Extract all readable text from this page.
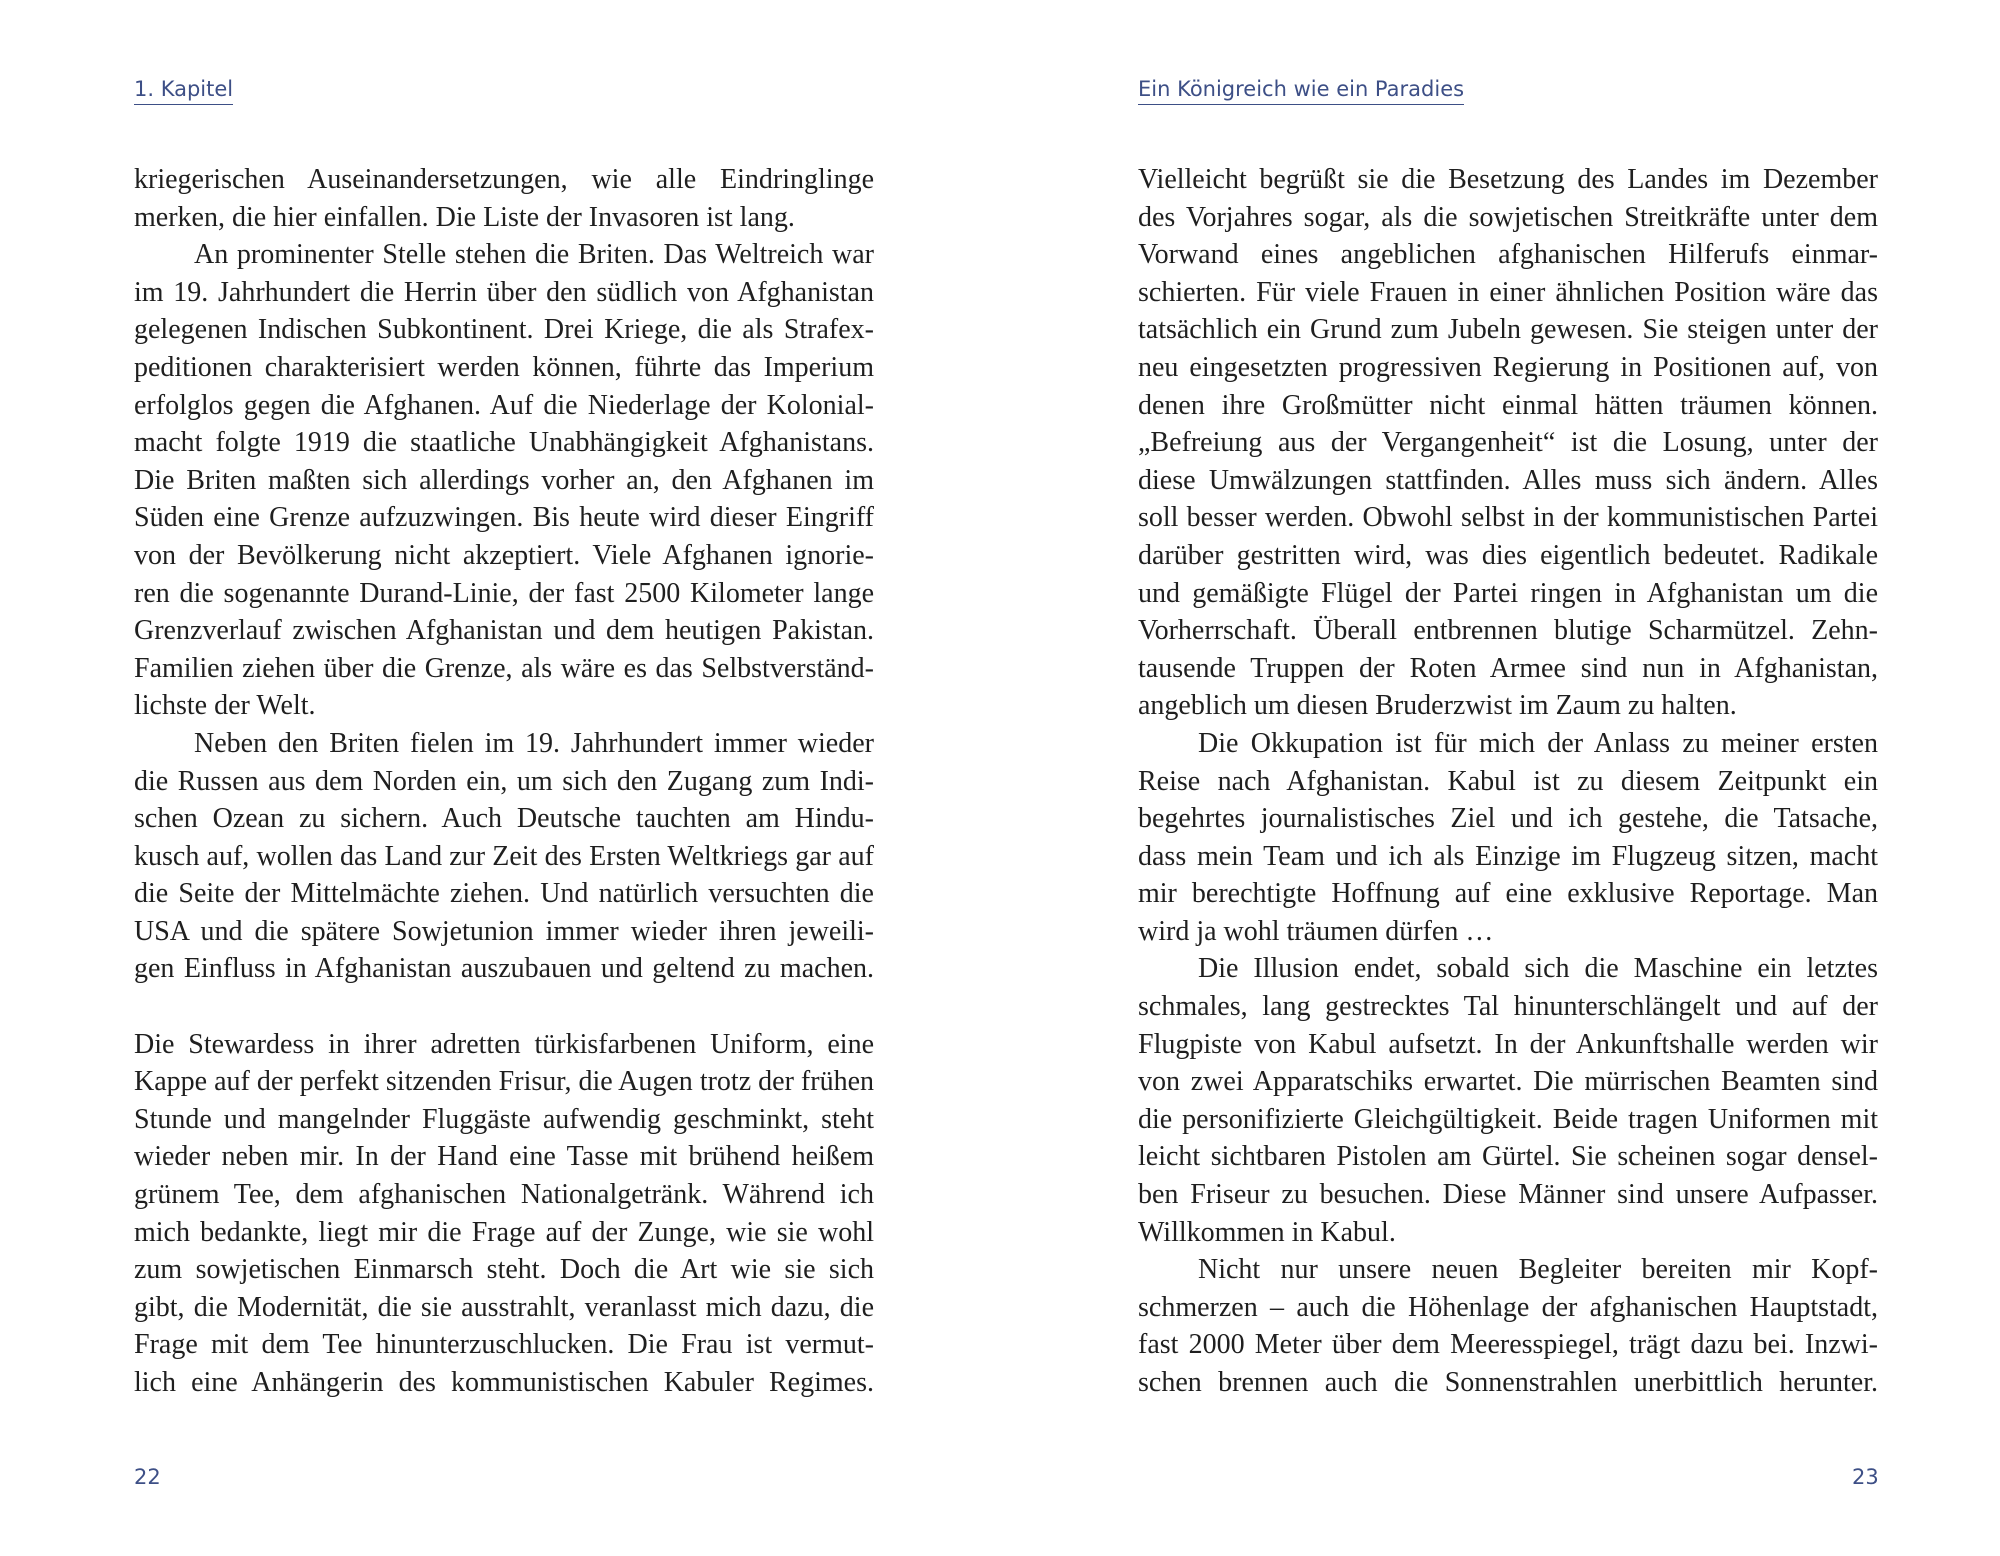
1. Kapitel
kriegerischen Auseinandersetzungen, wie alle Eindringlinge
merken, die hier einfallen. Die Liste der Invasoren ist lang.
An prominenter Stelle stehen die Briten. Das Weltreich war
im 19. Jahrhundert die Herrin über den südlich von Afghanistan
gelegenen Indischen Subkontinent. Drei Kriege, die als Strafex-
peditionen charakterisiert werden können, führte das Imperium
erfolglos gegen die Afghanen. Auf die Niederlage der Kolonial-
macht folgte 1919 die staatliche Unabhängigkeit Afghanistans.
Die Briten maßten sich allerdings vorher an, den Afghanen im
Süden eine Grenze aufzuzwingen. Bis heute wird dieser Eingriff
von der Bevölkerung nicht akzeptiert. Viele Afghanen ignorie-
ren die sogenannte Durand-Linie, der fast 2500 Kilometer lange
Grenzverlauf zwischen Afghanistan und dem heutigen Pakistan.
Familien ziehen über die Grenze, als wäre es das Selbstverständ-
lichste der Welt.
Neben den Briten fielen im 19. Jahrhundert immer wieder
die Russen aus dem Norden ein, um sich den Zugang zum Indi-
schen Ozean zu sichern. Auch Deutsche tauchten am Hindu-
kusch auf, wollen das Land zur Zeit des Ersten Weltkriegs gar auf
die Seite der Mittelmächte ziehen. Und natürlich versuchten die
USA und die spätere Sowjetunion immer wieder ihren jeweili-
gen Einfluss in Afghanistan auszubauen und geltend zu machen.
Die Stewardess in ihrer adretten türkisfarbenen Uniform, eine
Kappe auf der perfekt sitzenden Frisur, die Augen trotz der frühen
Stunde und mangelnder Fluggäste aufwendig geschminkt, steht
wieder neben mir. In der Hand eine Tasse mit brühend heißem
grünem Tee, dem afghanischen Nationalgetränk. Während ich
mich bedankte, liegt mir die Frage auf der Zunge, wie sie wohl
zum sowjetischen Einmarsch steht. Doch die Art wie sie sich
gibt, die Modernität, die sie ausstrahlt, veranlasst mich dazu, die
Frage mit dem Tee hinunterzuschlucken. Die Frau ist vermut-
lich eine Anhängerin des kommunistischen Kabuler Regimes.
22
Ein Königreich wie ein Paradies
Vielleicht begrüßt sie die Besetzung des Landes im Dezember
des Vorjahres sogar, als die sowjetischen Streitkräfte unter dem
Vorwand eines angeblichen afghanischen Hilferufs einmar-
schierten. Für viele Frauen in einer ähnlichen Position wäre das
tatsächlich ein Grund zum Jubeln gewesen. Sie steigen unter der
neu eingesetzten progressiven Regierung in Positionen auf, von
denen ihre Großmütter nicht einmal hätten träumen können.
„Befreiung aus der Vergangenheit“ ist die Losung, unter der
diese Umwälzungen stattfinden. Alles muss sich ändern. Alles
soll besser werden. Obwohl selbst in der kommunistischen Partei
darüber gestritten wird, was dies eigentlich bedeutet. Radikale
und gemäßigte Flügel der Partei ringen in Afghanistan um die
Vorherrschaft. Überall entbrennen blutige Scharmützel. Zehn-
tausende Truppen der Roten Armee sind nun in Afghanistan,
angeblich um diesen Bruderzwist im Zaum zu halten.
Die Okkupation ist für mich der Anlass zu meiner ersten
Reise nach Afghanistan. Kabul ist zu diesem Zeitpunkt ein
begehrtes journalistisches Ziel und ich gestehe, die Tatsache,
dass mein Team und ich als Einzige im Flugzeug sitzen, macht
mir berechtigte Hoffnung auf eine exklusive Reportage. Man
wird ja wohl träumen dürfen …
Die Illusion endet, sobald sich die Maschine ein letztes
schmales, lang gestrecktes Tal hinunterschlängelt und auf der
Flugpiste von Kabul aufsetzt. In der Ankunftshalle werden wir
von zwei Apparatschiks erwartet. Die mürrischen Beamten sind
die personifizierte Gleichgültigkeit. Beide tragen Uniformen mit
leicht sichtbaren Pistolen am Gürtel. Sie scheinen sogar densel-
ben Friseur zu besuchen. Diese Männer sind unsere Aufpasser.
Willkommen in Kabul.
Nicht nur unsere neuen Begleiter bereiten mir Kopf-
schmerzen – auch die Höhenlage der afghanischen Hauptstadt,
fast 2000 Meter über dem Meeresspiegel, trägt dazu bei. Inzwi-
schen brennen auch die Sonnenstrahlen unerbittlich herunter.
23
